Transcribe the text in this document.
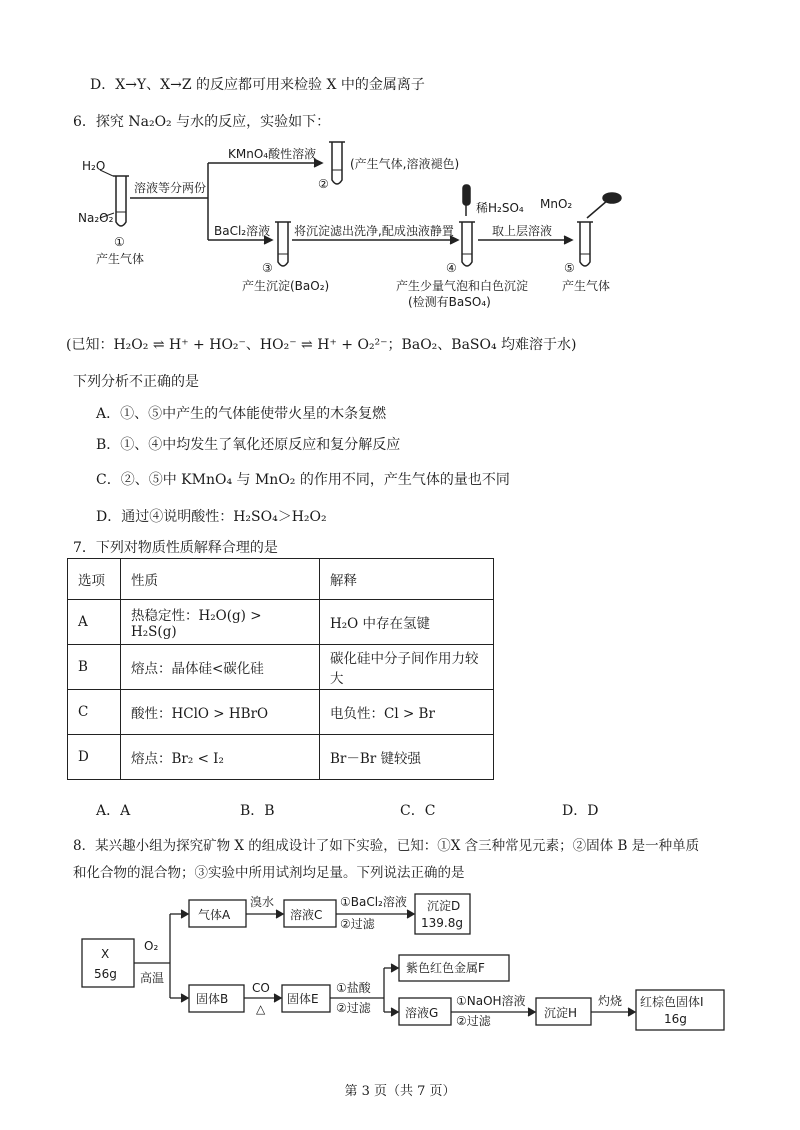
D．X→Y、X→Z 的反应都可用来检验 X 中的金属离子
6．探究 Na₂O₂ 与水的反应，实验如下：
H₂O
Na₂O₂
①
产生气体
溶液等分两份
KMnO₄酸性溶液
②
(产生气体,溶液褪色)
BaCl₂溶液
③
产生沉淀(BaO₂)
将沉淀滤出洗净,配成浊液静置
稀H₂SO₄
④
产生少量气泡和白色沉淀
(检测有BaSO₄)
取上层溶液
MnO₂
⑤
产生气体
(已知：H₂O₂ ⇌ H⁺ + HO₂⁻、HO₂⁻ ⇌ H⁺ + O₂²⁻；BaO₂、BaSO₄ 均难溶于水)
下列分析不正确的是
A．①、⑤中产生的气体能使带火星的木条复燃
B．①、④中均发生了氧化还原反应和复分解反应
C．②、⑤中 KMnO₄ 与 MnO₂ 的作用不同，产生气体的量也不同
D．通过④说明酸性：H₂SO₄＞H₂O₂
7．下列对物质性质解释合理的是
选项	性质	解释
A	热稳定性：H₂O(g) > H₂S(g)	H₂O 中存在氢键
B	熔点：晶体硅<碳化硅	碳化硅中分子间作用力较大
C	酸性：HClO > HBrO	电负性：Cl > Br
D	熔点：Br₂ < I₂	Br－Br 键较强
A．A	B．B	C．C	D．D
8．某兴趣小组为探究矿物 X 的组成设计了如下实验，已知：①X 含三种常见元素；②固体 B 是一种单质
和化合物的混合物；③实验中所用试剂均足量。下列说法正确的是
X
56g
O₂
高温
气体A
溴水
溶液C
①BaCl₂溶液
②过滤
沉淀D
139.8g
固体B
CO
△
固体E
①盐酸
②过滤
紫色红色金属F
溶液G
①NaOH溶液
②过滤
沉淀H
灼烧 红棕色固体I
16g
第 3 页（共 7 页）
